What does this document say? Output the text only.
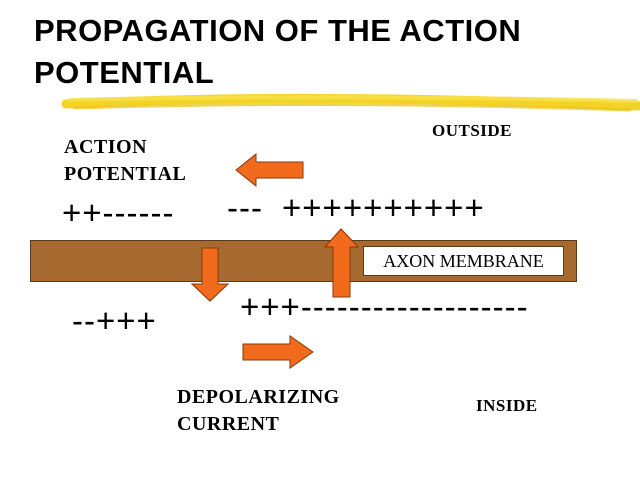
PROPAGATION OF THE ACTION POTENTIAL
AXON MEMBRANE
ACTION POTENTIAL
OUTSIDE
INSIDE
DEPOLARIZING CURRENT
++------ --- ++++++++++
--+++	+++-------------------
